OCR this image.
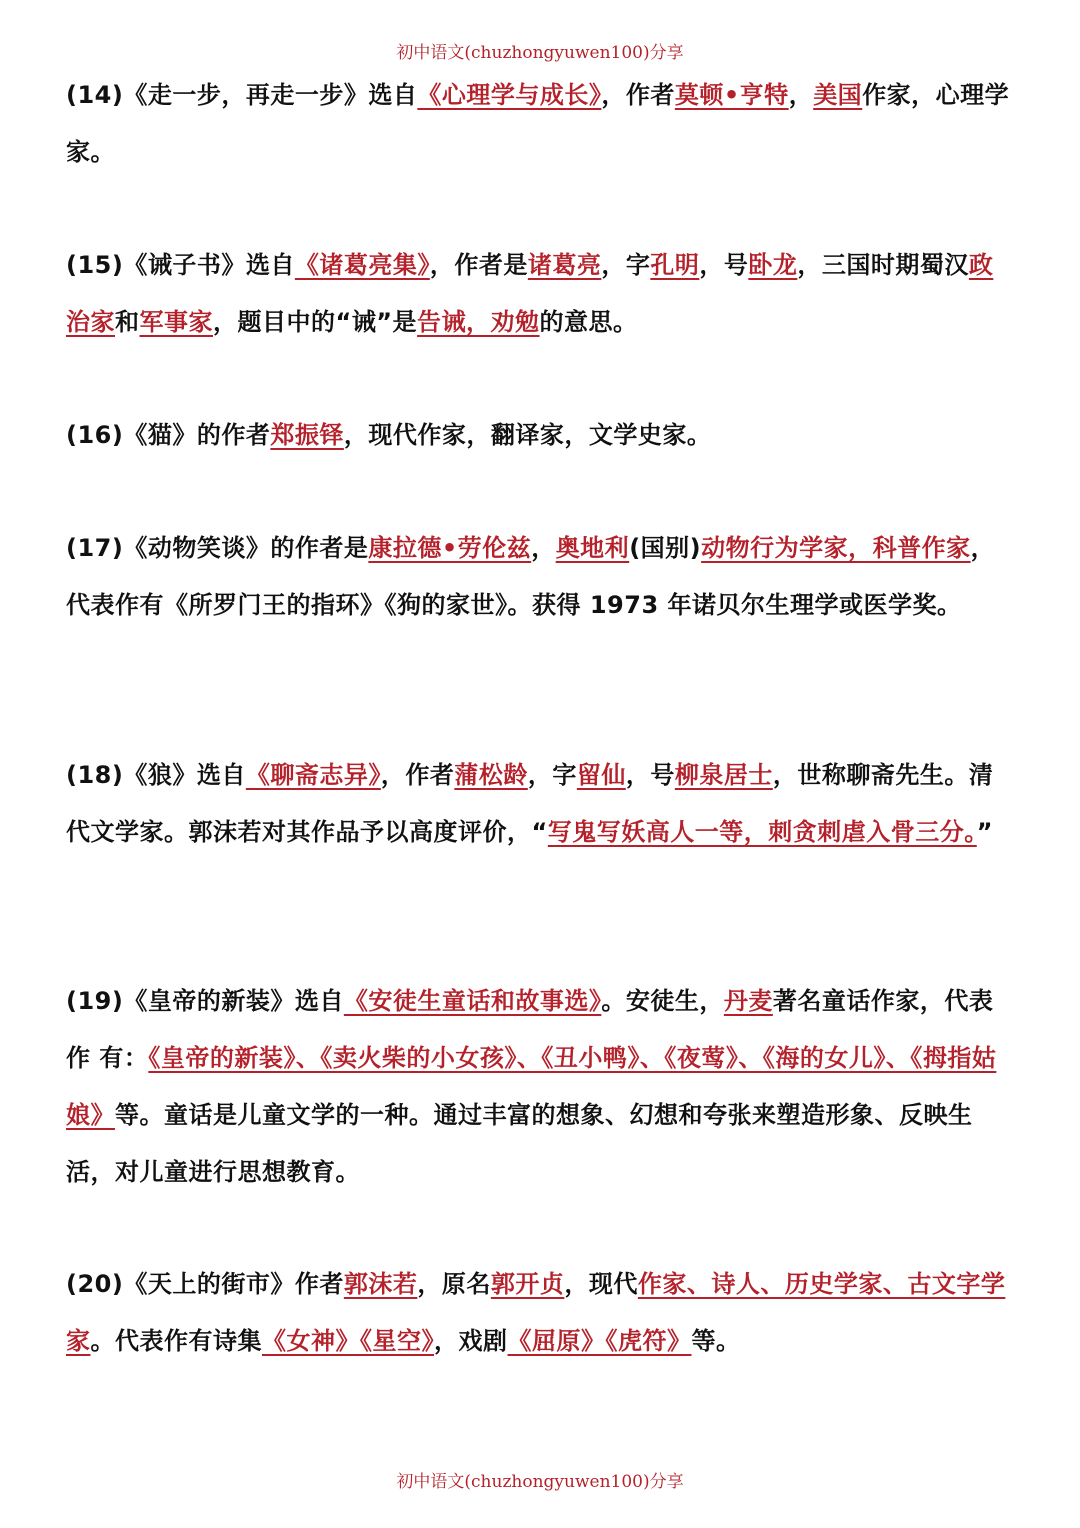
初中语文(chuzhongyuwen100)分享
(14)《走一步，再走一步》选自《心理学与成长》，作者莫顿•亨特，美国作家，心理学家。
(15)《诫子书》选自《诸葛亮集》，作者是诸葛亮，字孔明，号卧龙，三国时期蜀汉政治家和军事家，题目中的“诫”是告诫，劝勉的意思。
(16)《猫》的作者郑振铎，现代作家，翻译家，文学史家。
(17)《动物笑谈》的作者是康拉德•劳伦兹，奥地利(国别)动物行为学家，科普作家，代表作有《所罗门王的指环》《狗的家世》。获得 1973 年诺贝尔生理学或医学奖。
(18)《狼》选自《聊斋志异》，作者蒲松龄，字留仙，号柳泉居士，世称聊斋先生。清代文学家。郭沫若对其作品予以高度评价，“写鬼写妖高人一等，刺贪刺虐入骨三分。”
(19)《皇帝的新装》选自《安徒生童话和故事选》。安徒生，丹麦著名童话作家，代表作 有：《皇帝的新装》、《卖火柴的小女孩》、《丑小鸭》、《夜莺》、《海的女儿》、《拇指姑娘》等。童话是儿童文学的一种。通过丰富的想象、幻想和夸张来塑造形象、反映生活，对儿童进行思想教育。
(20)《天上的街市》作者郭沫若，原名郭开贞，现代作家、诗人、历史学家、古文字学家。代表作有诗集《女神》《星空》，戏剧《屈原》《虎符》等。
初中语文(chuzhongyuwen100)分享
